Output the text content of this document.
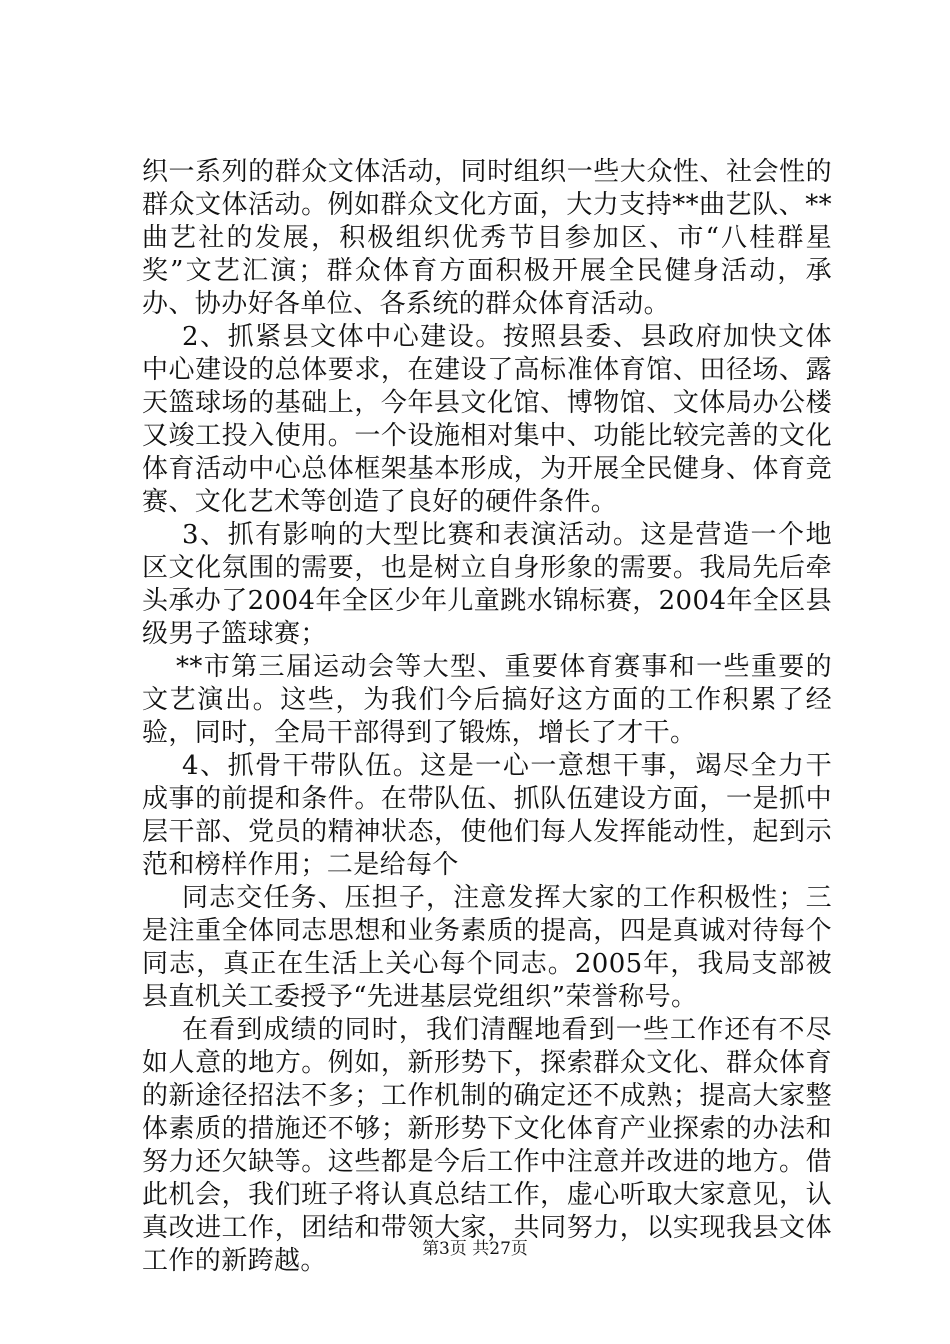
织一系列的群众文体活动，同时组织一些大众性、社会性的群众文体活动。例如群众文化方面，大力支持**曲艺队、**曲艺社的发展，积极组织优秀节目参加区、市“八桂群星奖”文艺汇演；群众体育方面积极开展全民健身活动，承办、协办好各单位、各系统的群众体育活动。

2、抓紧县文体中心建设。按照县委、县政府加快文体中心建设的总体要求，在建设了高标准体育馆、田径场、露天篮球场的基础上，今年县文化馆、博物馆、文体局办公楼又竣工投入使用。一个设施相对集中、功能比较完善的文化体育活动中心总体框架基本形成，为开展全民健身、体育竞赛、文化艺术等创造了良好的硬件条件。

3、抓有影响的大型比赛和表演活动。这是营造一个地区文化氛围的需要，也是树立自身形象的需要。我局先后牵头承办了2004年全区少年儿童跳水锦标赛，2004年全区县级男子篮球赛；

**市第三届运动会等大型、重要体育赛事和一些重要的文艺演出。这些，为我们今后搞好这方面的工作积累了经验，同时，全局干部得到了锻炼，增长了才干。

4、抓骨干带队伍。这是一心一意想干事，竭尽全力干成事的前提和条件。在带队伍、抓队伍建设方面，一是抓中层干部、党员的精神状态，使他们每人发挥能动性，起到示范和榜样作用；二是给每个

同志交任务、压担子，注意发挥大家的工作积极性；三是注重全体同志思想和业务素质的提高，四是真诚对待每个同志，真正在生活上关心每个同志。2005年，我局支部被县直机关工委授予“先进基层党组织”荣誉称号。

在看到成绩的同时，我们清醒地看到一些工作还有不尽如人意的地方。例如，新形势下，探索群众文化、群众体育的新途径招法不多；工作机制的确定还不成熟；提高大家整体素质的措施还不够；新形势下文化体育产业探索的办法和努力还欠缺等。这些都是今后工作中注意并改进的地方。借此机会，我们班子将认真总结工作，虚心听取大家意见，认真改进工作，团结和带领大家，共同努力，以实现我县文体工作的新跨越。	第3页 共27页
